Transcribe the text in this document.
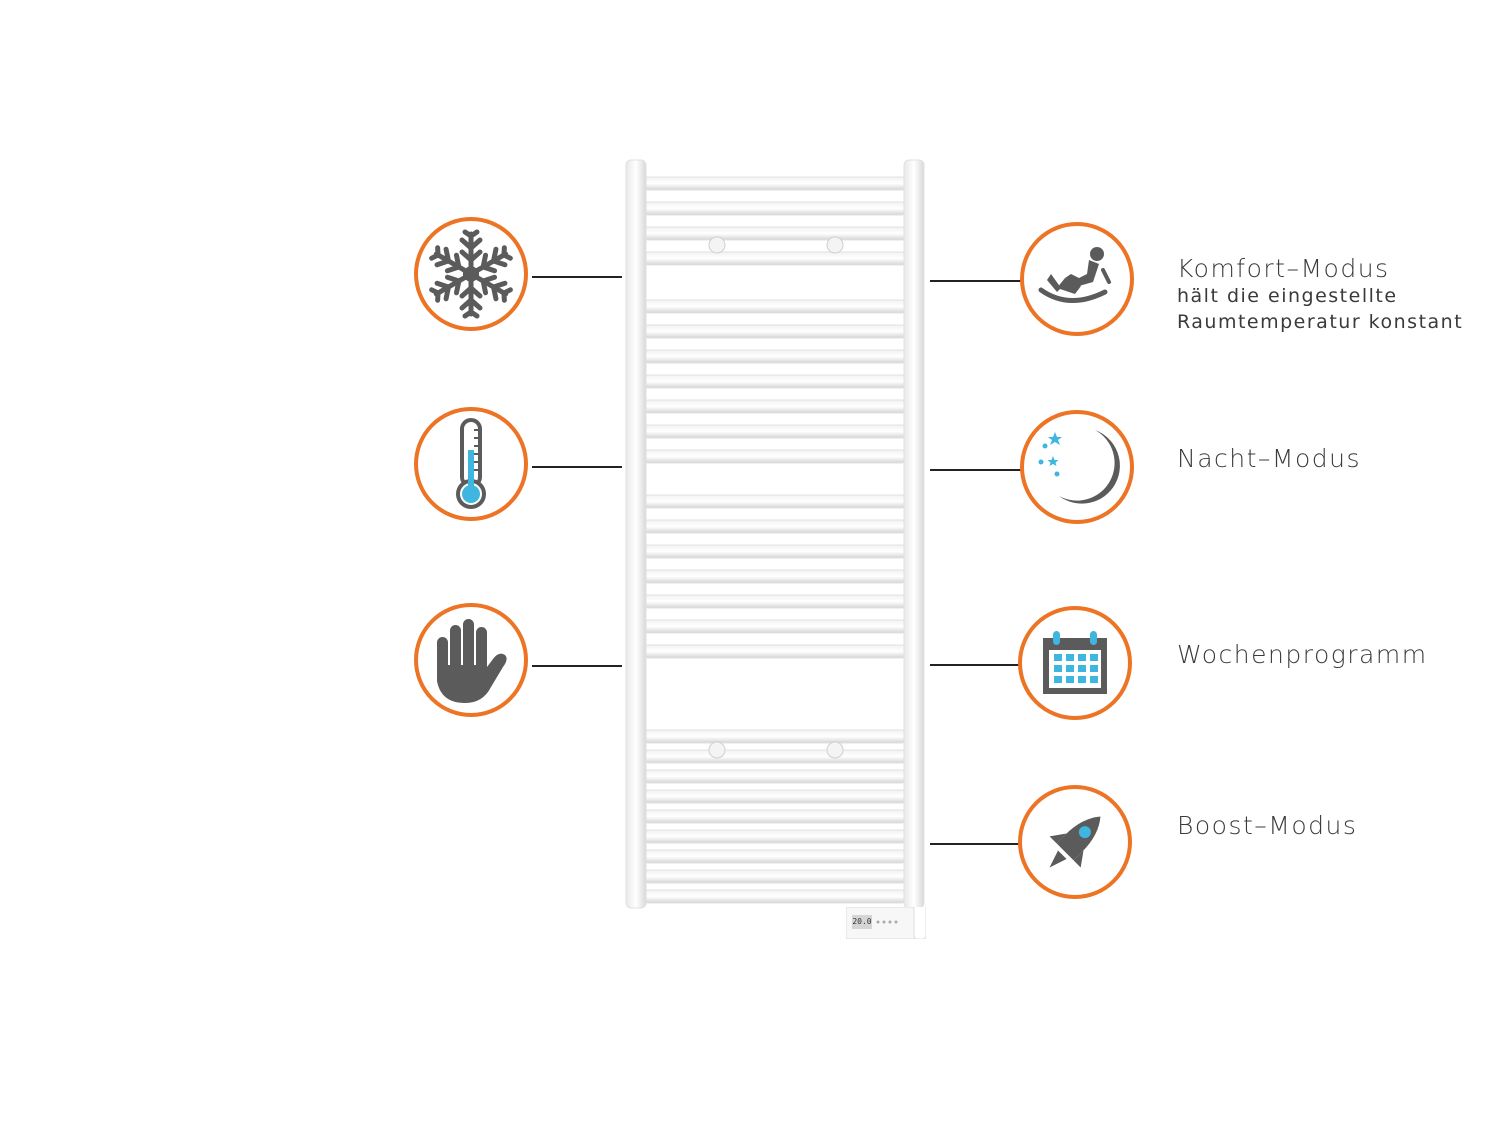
20.0
Komfort–Modus
hält die eingestellte
Raumtemperatur konstant
Nacht–Modus
Wochenprogramm
Boost–Modus
